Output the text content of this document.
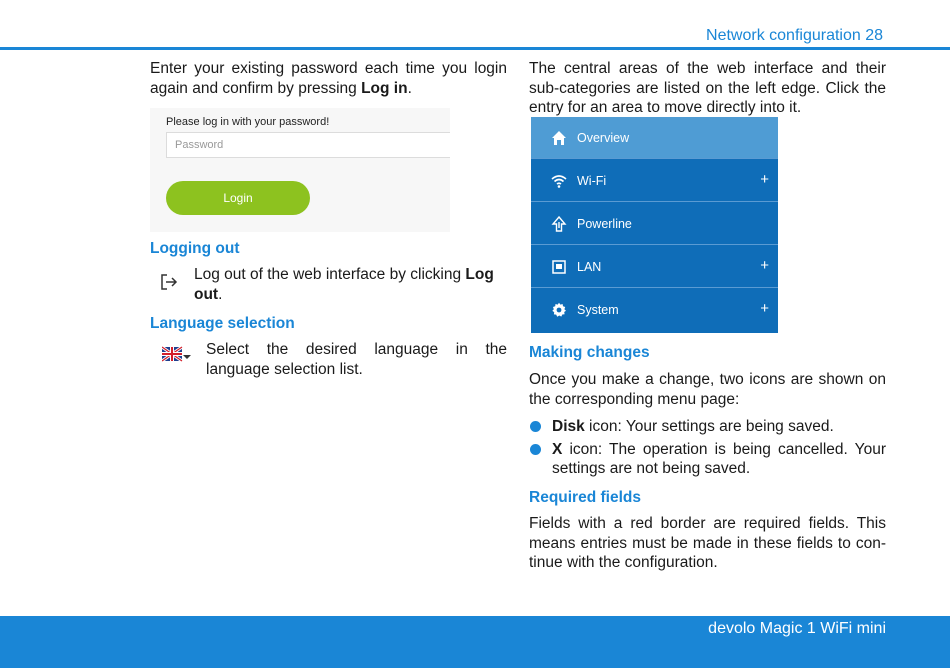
Network configuration 28

Enter your existing password each time you login again and confirm by pressing Log in.

Please log in with your password!
Password
Login
Logging out

Log out of the web interface by clicking Log out.

Language selection

Select the desired language in the language selection list.

The central areas of the web interface and their sub-categories are listed on the left edge. Click the entry for an area to move directly into it.

Overview
Wi-Fi	+
Powerline
LAN	+
System	+
Making changes

Once you make a change, two icons are shown on the corresponding menu page:

Disk icon: Your settings are being saved.
X icon: The operation is being cancelled. Your settings are not being saved.
Required fields

Fields with a red border are required fields. This means entries must be made in these fields to con-tinue with the configuration.

devolo Magic 1 WiFi mini
